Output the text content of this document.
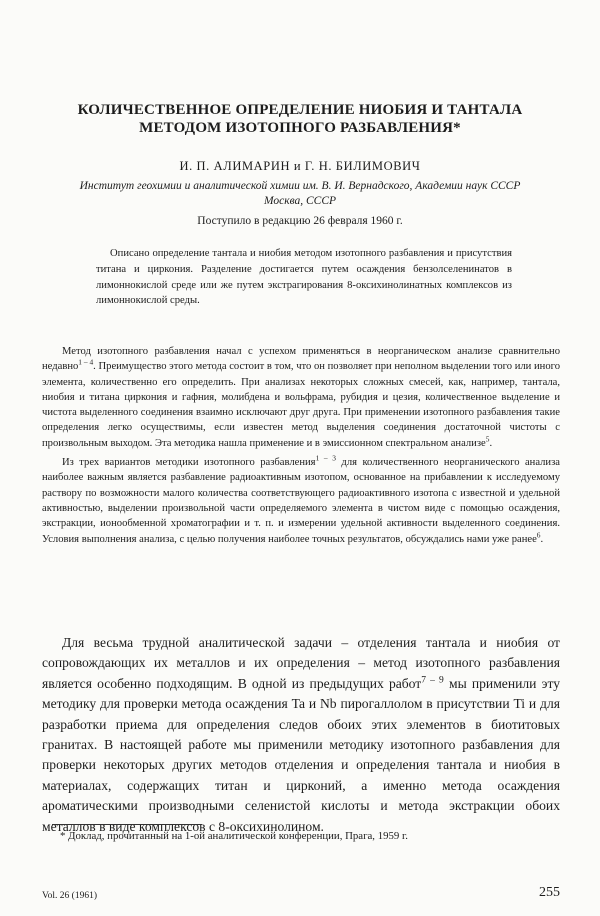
КОЛИЧЕСТВЕННОЕ ОПРЕДЕЛЕНИЕ НИОБИЯ И ТАНТАЛА
МЕТОДОМ ИЗОТОПНОГО РАЗБАВЛЕНИЯ*
И. П. АЛИМАРИН и Г. Н. БИЛИМОВИЧ
Институт геохимии и аналитической химии им. В. И. Вернадского, Академии наук СССР
Москва, СССР
Поступило в редакцию 26 февраля 1960 г.
Описано определение тантала и ниобия методом изотопного разбавления и присутствия титана и циркония. Разделение достигается путем осаждения бензолселенинатов в лимоннокислой среде или же путем экстрагирования 8-оксихинолинатных комплексов из лимоннокислой среды.

Метод изотопного разбавления начал с успехом применяться в неорганическом анализе сравнительно недавно$^{1 - 4}$. Преимущество этого метода состоит в том, что он позволяет при неполном выделении того или иного элемента, количественно его определить. При анализах некоторых сложных смесей, как, например, тантала, ниобия и титана циркония и гафния, молибдена и вольфрама, рубидия и цезия, количественное выделение и чистота выделенного соединения взаимно исключают друг друга. При применении изотопного разбавления такие определения легко осуществимы, если известен метод выделения соединения достаточной чистоты с произвольным выходом. Эта методика нашла применение и в эмиссионном спектральном анализе$^5$.

Из трех вариантов методики изотопного разбавления$^{1 - 3}$ для количественного неорганического анализа наиболее важным является разбавление радиоактивным изотопом, основанное на прибавлении к исследуемому раствору по возможности малого количества соответствующего радиоактивного изотопа с известной и удельной активностью, выделении произвольной части определяемого элемента в чистом виде с помощью осаждения, экстракции, ионообменной хроматографии и т. п. и измерении удельной активности выделенного соединения. Условия выполнения анализа, с целью получения наиболее точных результатов, обсуждались нами уже ранее$^6$.

Для весьма трудной аналитической задачи – отделения тантала и ниобия от сопровождающих их металлов и их определения – метод изотопного разбавления является особенно подходящим. В одной из предыдущих работ$^{7 - 9}$ мы применили эту методику для проверки метода осаждения Ta и Nb пирогаллолом в присутствии Ti и для разработки приема для определения следов обоих этих элементов в биотитовых гранитах. В настоящей работе мы применили методику изотопного разбавления для проверки некоторых других методов отделения и определения тантала и ниобия в материалах, содержащих титан и цирконий, а именно метода осаждения ароматическими производными селенистой кислоты и метода экстракции обоих металлов в виде комплексов с 8-оксихинолином.
* Доклад, прочитанный на 1-ой аналитической конференции, Прага, 1959 г.
Vol. 26 (1961)	255
